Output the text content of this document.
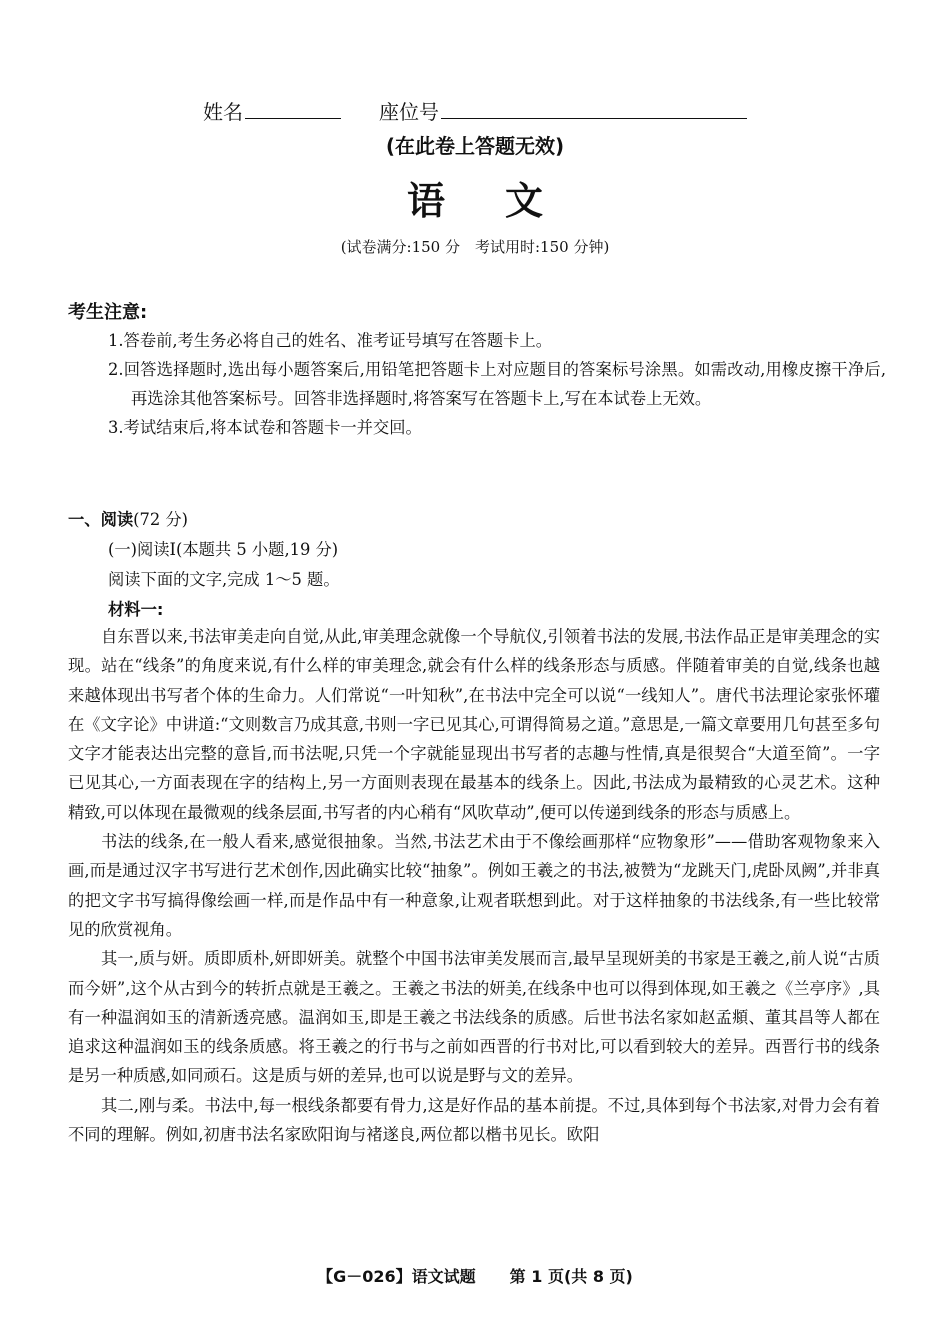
姓名	座位号
(在此卷上答题无效)
语文
(试卷满分:150 分　考试用时:150 分钟)
考生注意:

1.答卷前,考生务必将自己的姓名、准考证号填写在答题卡上。

2.回答选择题时,选出每小题答案后,用铅笔把答题卡上对应题目的答案标号涂黑。如需改动,用橡皮擦干净后,再选涂其他答案标号。回答非选择题时,将答案写在答题卡上,写在本试卷上无效。

3.考试结束后,将本试卷和答题卡一并交回。

一、阅读(72 分)
(一)阅读Ⅰ(本题共 5 小题,19 分)
阅读下面的文字,完成 1～5 题。
材料一:

自东晋以来,书法审美走向自觉,从此,审美理念就像一个导航仪,引领着书法的发展,书法作品正是审美理念的实现。站在“线条”的角度来说,有什么样的审美理念,就会有什么样的线条形态与质感。伴随着审美的自觉,线条也越来越体现出书写者个体的生命力。人们常说“一叶知秋”,在书法中完全可以说“一线知人”。唐代书法理论家张怀瓘在《文字论》中讲道:“文则数言乃成其意,书则一字已见其心,可谓得简易之道。”意思是,一篇文章要用几句甚至多句文字才能表达出完整的意旨,而书法呢,只凭一个字就能显现出书写者的志趣与性情,真是很契合“大道至简”。一字已见其心,一方面表现在字的结构上,另一方面则表现在最基本的线条上。因此,书法成为最精致的心灵艺术。这种精致,可以体现在最微观的线条层面,书写者的内心稍有“风吹草动”,便可以传递到线条的形态与质感上。

书法的线条,在一般人看来,感觉很抽象。当然,书法艺术由于不像绘画那样“应物象形”——借助客观物象来入画,而是通过汉字书写进行艺术创作,因此确实比较“抽象”。例如王羲之的书法,被赞为“龙跳天门,虎卧凤阙”,并非真的把文字书写搞得像绘画一样,而是作品中有一种意象,让观者联想到此。对于这样抽象的书法线条,有一些比较常见的欣赏视角。

其一,质与妍。质即质朴,妍即妍美。就整个中国书法审美发展而言,最早呈现妍美的书家是王羲之,前人说“古质而今妍”,这个从古到今的转折点就是王羲之。王羲之书法的妍美,在线条中也可以得到体现,如王羲之《兰亭序》,具有一种温润如玉的清新透亮感。温润如玉,即是王羲之书法线条的质感。后世书法名家如赵孟頫、董其昌等人都在追求这种温润如玉的线条质感。将王羲之的行书与之前如西晋的行书对比,可以看到较大的差异。西晋行书的线条是另一种质感,如同顽石。这是质与妍的差异,也可以说是野与文的差异。

其二,刚与柔。书法中,每一根线条都要有骨力,这是好作品的基本前提。不过,具体到每个书法家,对骨力会有着不同的理解。例如,初唐书法名家欧阳询与褚遂良,两位都以楷书见长。欧阳

【G－026】语文试题 第 1 页(共 8 页)
